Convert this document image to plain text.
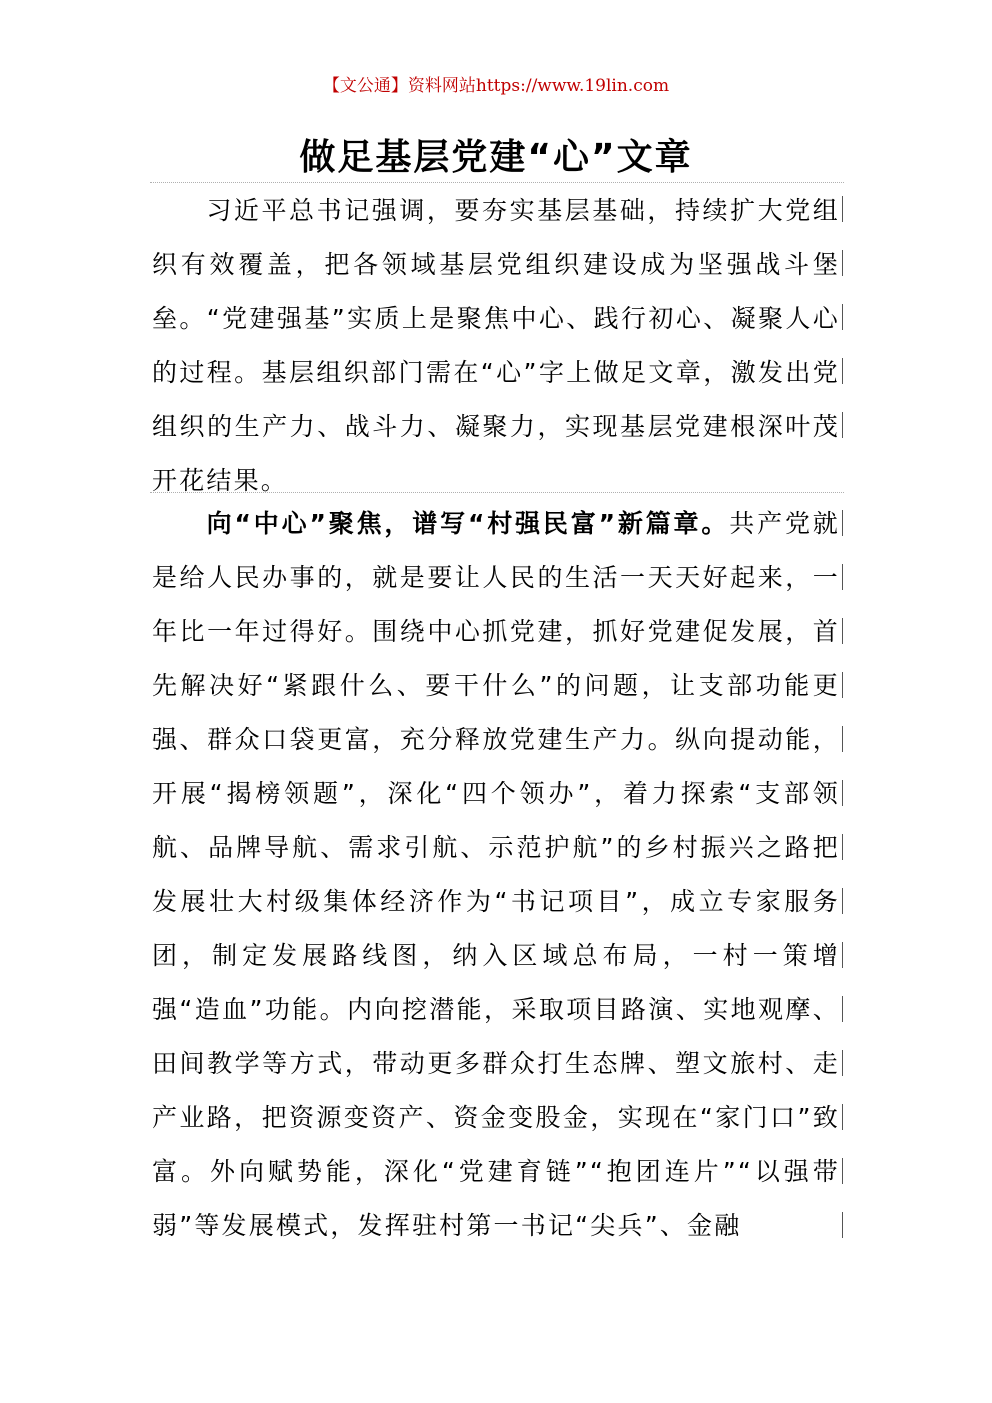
【文公通】资料网站https://www.19lin.com
做足基层党建“心”文章
习近平总书记强调，要夯实基层基础，持续扩大党组织有效覆盖，把各领域基层党组织建设成为坚强战斗堡垒。“党建强基”实质上是聚焦中心、践行初心、凝聚人心的过程。基层组织部门需在“心”字上做足文章，激发出党组织的生产力、战斗力、凝聚力，实现基层党建根深叶茂开花结果。
向“中心”聚焦，谱写“村强民富”新篇章。共产党就是给人民办事的，就是要让人民的生活一天天好起来，一年比一年过得好。围绕中心抓党建，抓好党建促发展，首先解决好“紧跟什么、要干什么”的问题，让支部功能更强、群众口袋更富，充分释放党建生产力。纵向提动能，开展“揭榜领题”，深化“四个领办”，着力探索“支部领航、品牌导航、需求引航、示范护航”的乡村振兴之路把发展壮大村级集体经济作为“书记项目”，成立专家服务团，制定发展路线图，纳入区域总布局，一村一策增强“造血”功能。内向挖潜能，采取项目路演、实地观摩、田间教学等方式，带动更多群众打生态牌、塑文旅村、走产业路，把资源变资产、资金变股金，实现在“家门口”致富。外向赋势能，深化“党建育链”“抱团连片”“以强带弱”等发展模式，发挥驻村第一书记“尖兵”、金融
